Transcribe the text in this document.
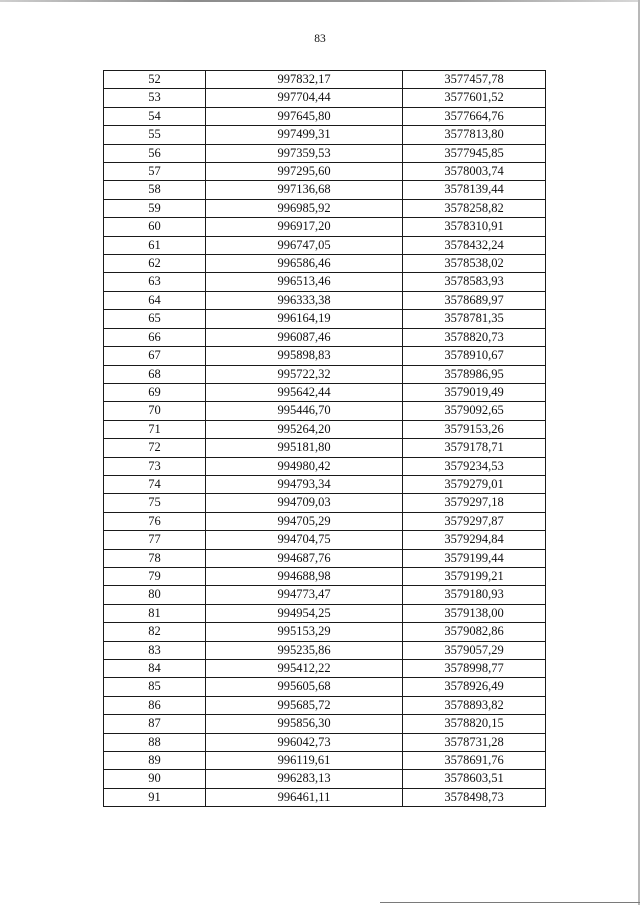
83
52	997832,17	3577457,78
53	997704,44	3577601,52
54	997645,80	3577664,76
55	997499,31	3577813,80
56	997359,53	3577945,85
57	997295,60	3578003,74
58	997136,68	3578139,44
59	996985,92	3578258,82
60	996917,20	3578310,91
61	996747,05	3578432,24
62	996586,46	3578538,02
63	996513,46	3578583,93
64	996333,38	3578689,97
65	996164,19	3578781,35
66	996087,46	3578820,73
67	995898,83	3578910,67
68	995722,32	3578986,95
69	995642,44	3579019,49
70	995446,70	3579092,65
71	995264,20	3579153,26
72	995181,80	3579178,71
73	994980,42	3579234,53
74	994793,34	3579279,01
75	994709,03	3579297,18
76	994705,29	3579297,87
77	994704,75	3579294,84
78	994687,76	3579199,44
79	994688,98	3579199,21
80	994773,47	3579180,93
81	994954,25	3579138,00
82	995153,29	3579082,86
83	995235,86	3579057,29
84	995412,22	3578998,77
85	995605,68	3578926,49
86	995685,72	3578893,82
87	995856,30	3578820,15
88	996042,73	3578731,28
89	996119,61	3578691,76
90	996283,13	3578603,51
91	996461,11	3578498,73
